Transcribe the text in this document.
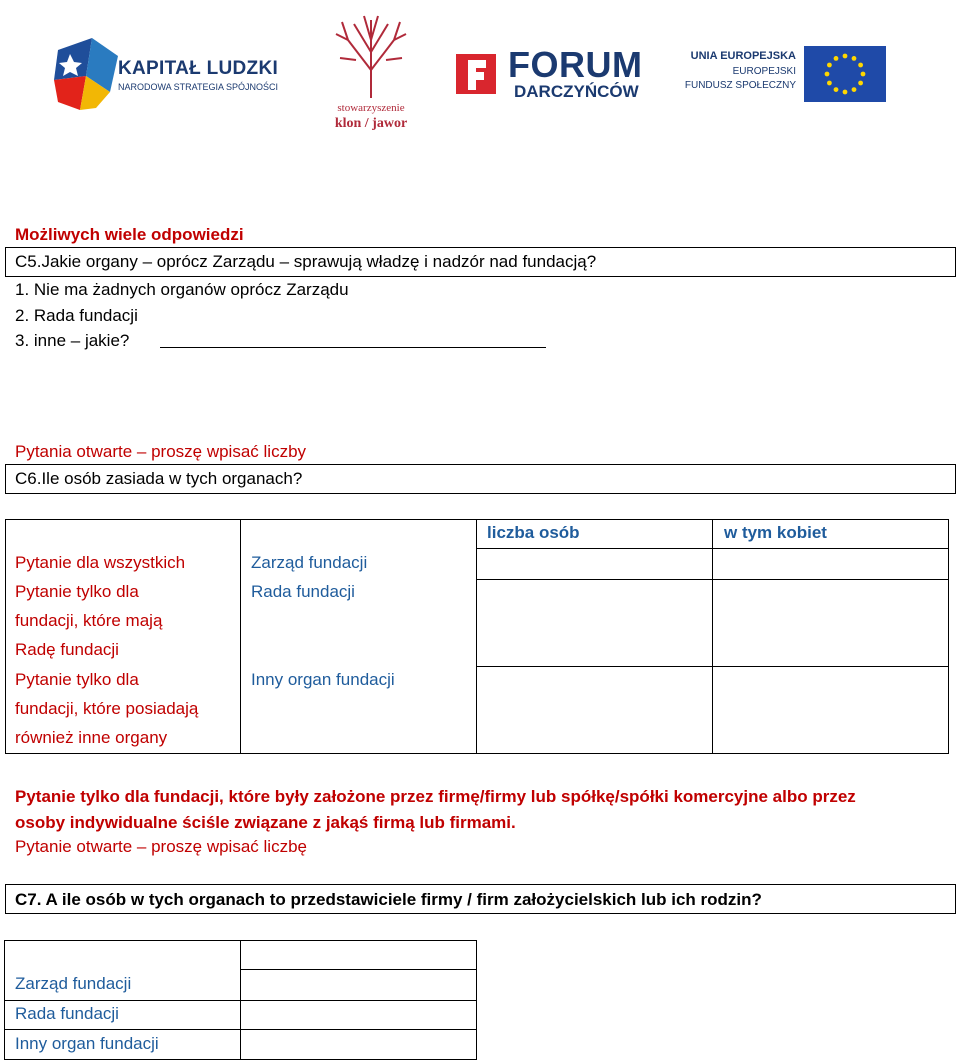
KAPITAŁ LUDZKI
NARODOWA STRATEGIA SPÓJNOŚCI
stowarzyszenie
klon / jawor
FORUM
DARCZYŃCÓW
UNIA EUROPEJSKA
EUROPEJSKI
FUNDUSZ SPOŁECZNY
Możliwych wiele odpowiedzi
C5.Jakie organy – oprócz Zarządu – sprawują władzę i nadzór nad fundacją?
1. Nie ma żadnych organów oprócz Zarządu
2. Rada fundacji
3. inne – jakie?
Pytania otwarte – proszę wpisać liczby
C6.Ile osób zasiada w tych organach?
liczba osób	w tym kobiet
Pytanie dla wszystkich
Pytanie tylko dla
fundacji, które mają
Radę fundacji
Pytanie tylko dla
fundacji, które posiadają
również inne organy
Zarząd fundacji
Rada fundacji
Inny organ fundacji
Pytanie tylko dla fundacji, które były założone przez firmę/firmy lub spółkę/spółki komercyjne albo przez
osoby indywidualne ściśle związane z jakąś firmą lub firmami.
Pytanie otwarte – proszę wpisać liczbę
C7. A ile osób w tych organach to przedstawiciele firmy / firm założycielskich lub ich rodzin?
Zarząd fundacji
Rada fundacji
Inny organ fundacji
